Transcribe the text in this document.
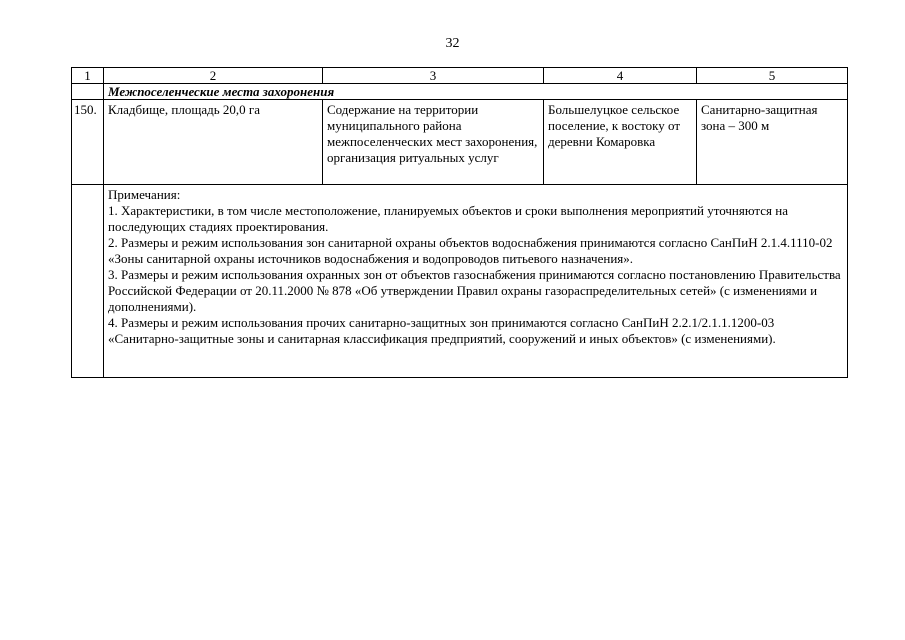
32
1	2	3	4	5
	Межпоселенческие места захоронения			
150.	Кладбище, площадь 20,0 га	Содержание на территории муниципального района межпоселенческих мест захоронения, организация ритуальных услуг	Большелуцкое сельское поселение, к востоку от деревни Комаровка	Санитарно-защитная зона – 300 м

	Примечания:
1. Характеристики, в том числе местоположение, планируемых объектов и сроки выполнения мероприятий уточняются на последующих стадиях проектирования.
2. Размеры и режим использования зон санитарной охраны объектов водоснабжения принимаются согласно СанПиН 2.1.4.1110-02 «Зоны санитарной охраны источников водоснабжения и водопроводов питьевого назначения».
3. Размеры и режим использования охранных зон от объектов газоснабжения принимаются согласно постановлению Правительства Российской Федерации от 20.11.2000 № 878 «Об утверждении Правил охраны газораспределительных сетей» (с изменениями и дополнениями).
4. Размеры и режим использования прочих санитарно-защитных зон принимаются согласно СанПиН 2.2.1/2.1.1.1200-03 «Санитарно-защитные зоны и санитарная классификация предприятий, сооружений и иных объектов» (с изменениями).			
